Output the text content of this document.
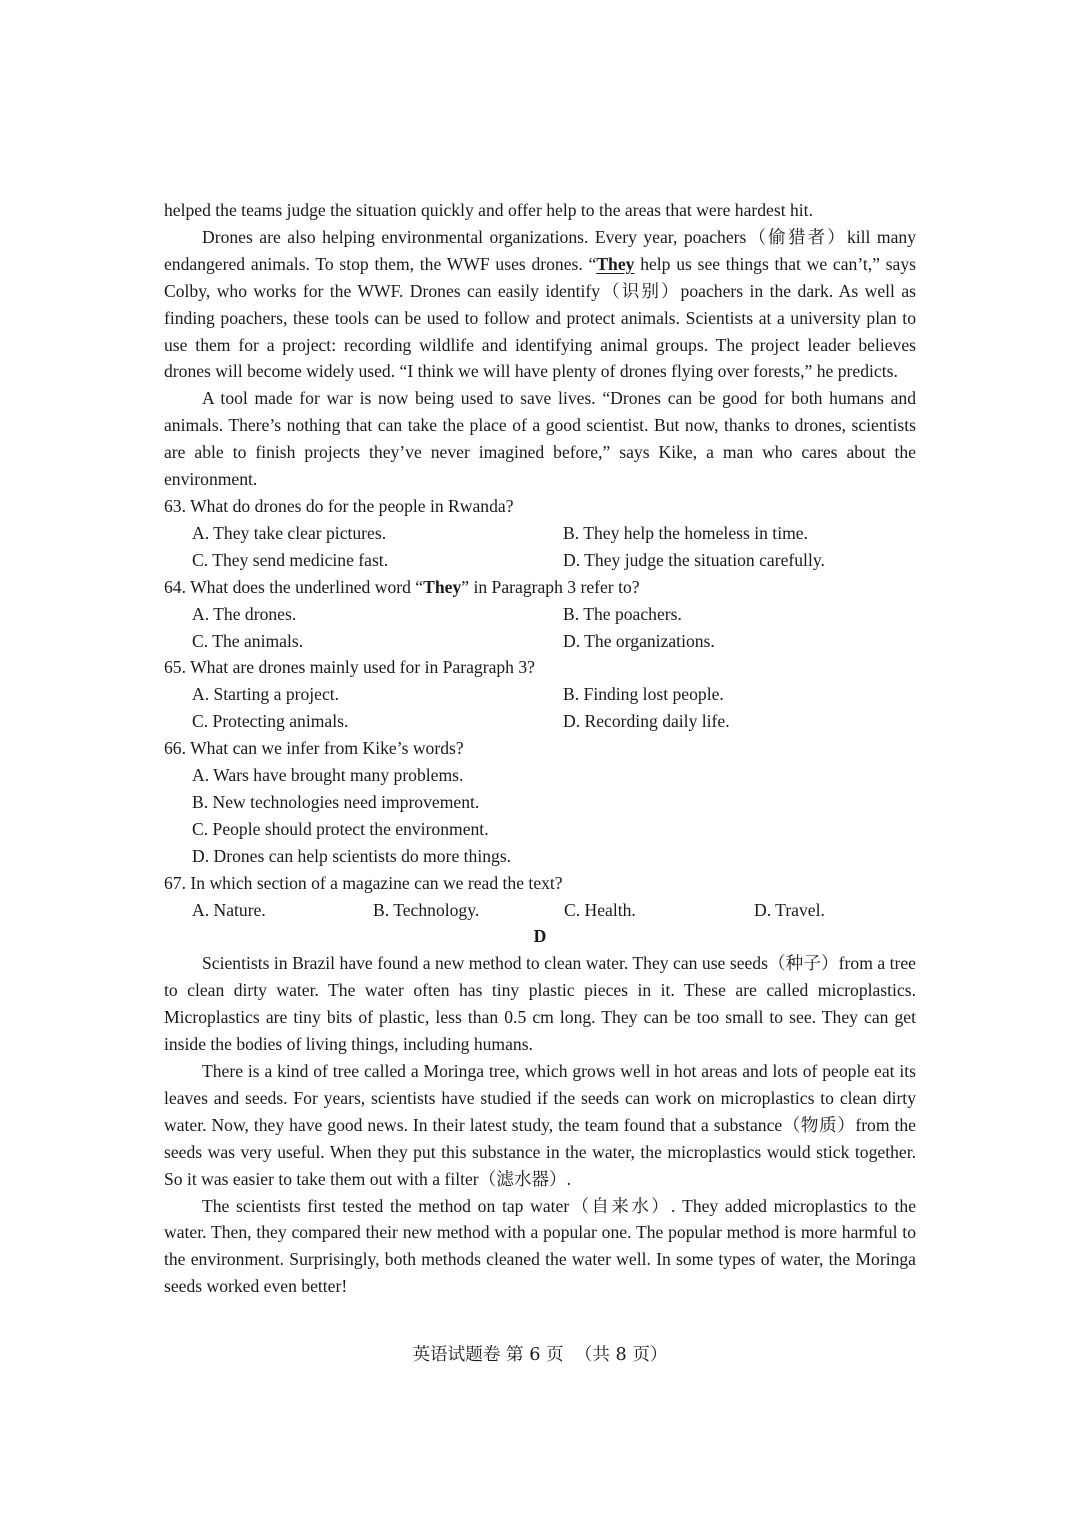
helped the teams judge the situation quickly and offer help to the areas that were hardest hit.

Drones are also helping environmental organizations. Every year, poachers（偷猎者）kill many endangered animals. To stop them, the WWF uses drones. “They help us see things that we can’t,” says Colby, who works for the WWF. Drones can easily identify（识别）poachers in the dark. As well as finding poachers, these tools can be used to follow and protect animals. Scientists at a university plan to use them for a project: recording wildlife and identifying animal groups. The project leader believes drones will become widely used. “I think we will have plenty of drones flying over forests,” he predicts.

A tool made for war is now being used to save lives. “Drones can be good for both humans and animals. There’s nothing that can take the place of a good scientist. But now, thanks to drones, scientists are able to finish projects they’ve never imagined before,” says Kike, a man who cares about the environment.

63. What do drones do for the people in Rwanda?

A. They take clear pictures.	B. They help the homeless in time.
C. They send medicine fast.	D. They judge the situation carefully.

64. What does the underlined word “They” in Paragraph 3 refer to?

A. The drones.	B. The poachers.
C. The animals.	D. The organizations.

65. What are drones mainly used for in Paragraph 3?

A. Starting a project.	B. Finding lost people.
C. Protecting animals.	D. Recording daily life.

66. What can we infer from Kike’s words?

A. Wars have brought many problems.
B. New technologies need improvement.
C. People should protect the environment.
D. Drones can help scientists do more things.

67. In which section of a magazine can we read the text?

A. Nature.	B. Technology.	C. Health.	D. Travel.

D

Scientists in Brazil have found a new method to clean water. They can use seeds（种子）from a tree to clean dirty water. The water often has tiny plastic pieces in it. These are called microplastics. Microplastics are tiny bits of plastic, less than 0.5 cm long. They can be too small to see. They can get inside the bodies of living things, including humans.

There is a kind of tree called a Moringa tree, which grows well in hot areas and lots of people eat its leaves and seeds. For years, scientists have studied if the seeds can work on microplastics to clean dirty water. Now, they have good news. In their latest study, the team found that a substance（物质）from the seeds was very useful. When they put this substance in the water, the microplastics would stick together. So it was easier to take them out with a filter（滤水器）.

The scientists first tested the method on tap water（自来水）. They added microplastics to the water. Then, they compared their new method with a popular one. The popular method is more harmful to the environment. Surprisingly, both methods cleaned the water well. In some types of water, the Moringa seeds worked even better!

英语试题卷 第 6 页  （共 8 页）
